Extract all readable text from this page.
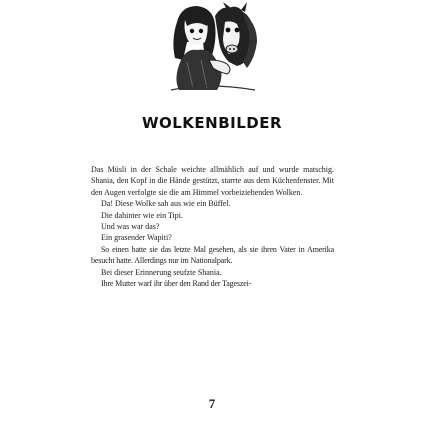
WOLKENBILDER

Das Müsli in der Schale weichte allmählich auf und wurde matschig. Shania, den Kopf in die Hände gestützt, starrte aus dem Küchenfenster. Mit den Augen verfolgte sie die am Himmel vorbeiziehenden Wolken.

Da! Diese Wolke sah aus wie ein Büffel.

Die dahinter wie ein Tipi.

Und was war das?

Ein grasender Wapiti?

So einen hatte sie das letzte Mal gesehen, als sie ihren Vater in Amerika besucht hatte. Allerdings nur im Nationalpark.

Bei dieser Erinnerung seufzte Shania.

Ihre Mutter warf ihr über den Rand der Tageszei-

7
